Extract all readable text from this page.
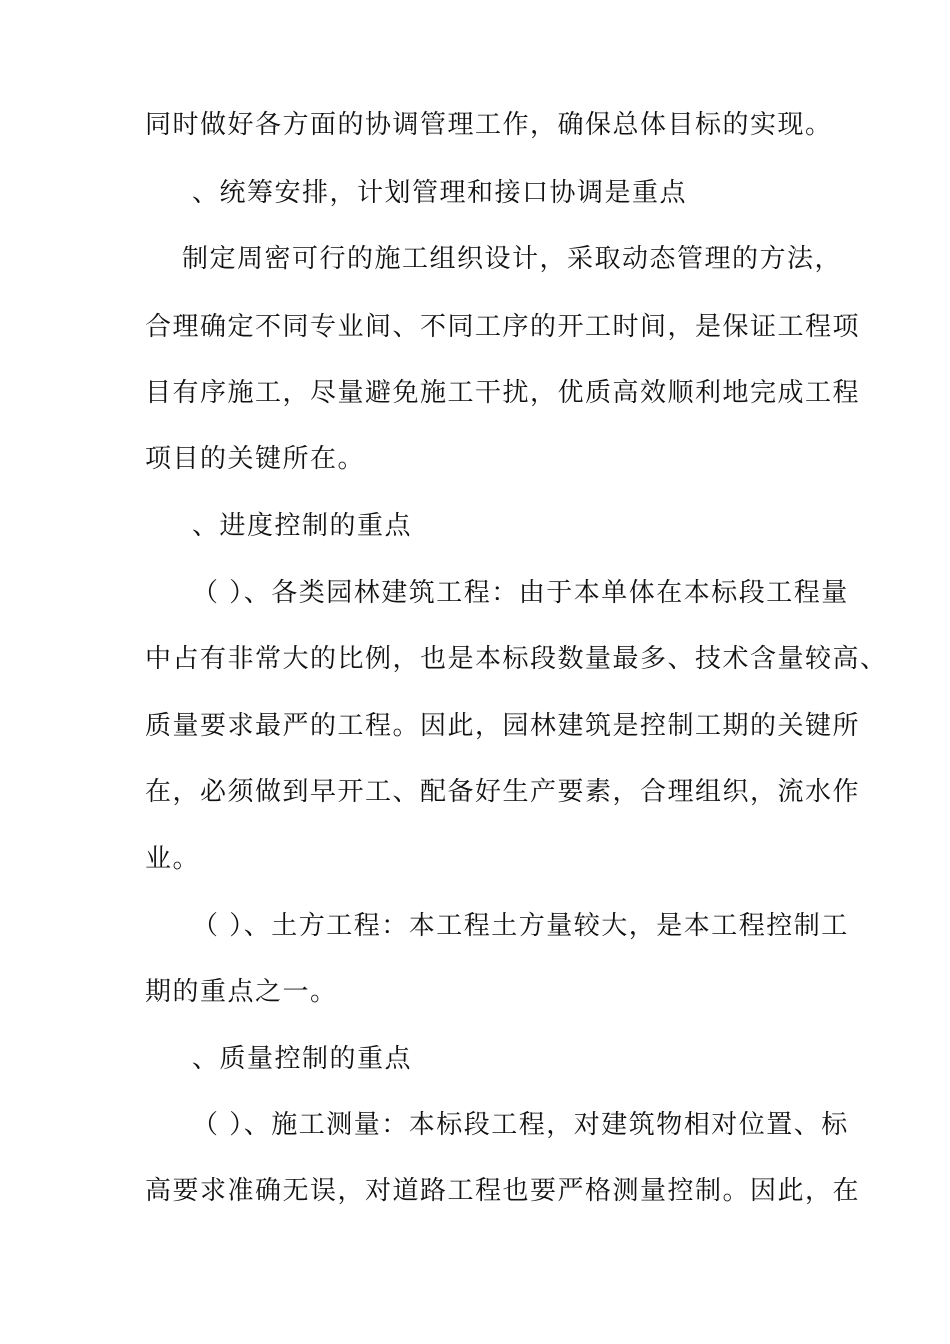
同时做好各方面的协调管理工作，确保总体目标的实现。
、统筹安排，计划管理和接口协调是重点
制定周密可行的施工组织设计，采取动态管理的方法，
合理确定不同专业间、不同工序的开工时间，是保证工程项
目有序施工，尽量避免施工干扰，优质高效顺利地完成工程
项目的关键所在。
、进度控制的重点
（ ）、各类园林建筑工程：由于本单体在本标段工程量
中占有非常大的比例，也是本标段数量最多、技术含量较高、
质量要求最严的工程。因此，园林建筑是控制工期的关键所
在，必须做到早开工、配备好生产要素，合理组织，流水作
业。
（ ）、土方工程：本工程土方量较大，是本工程控制工
期的重点之一。
、质量控制的重点
（ ）、施工测量：本标段工程，对建筑物相对位置、标
高要求准确无误，对道路工程也要严格测量控制。因此，在
